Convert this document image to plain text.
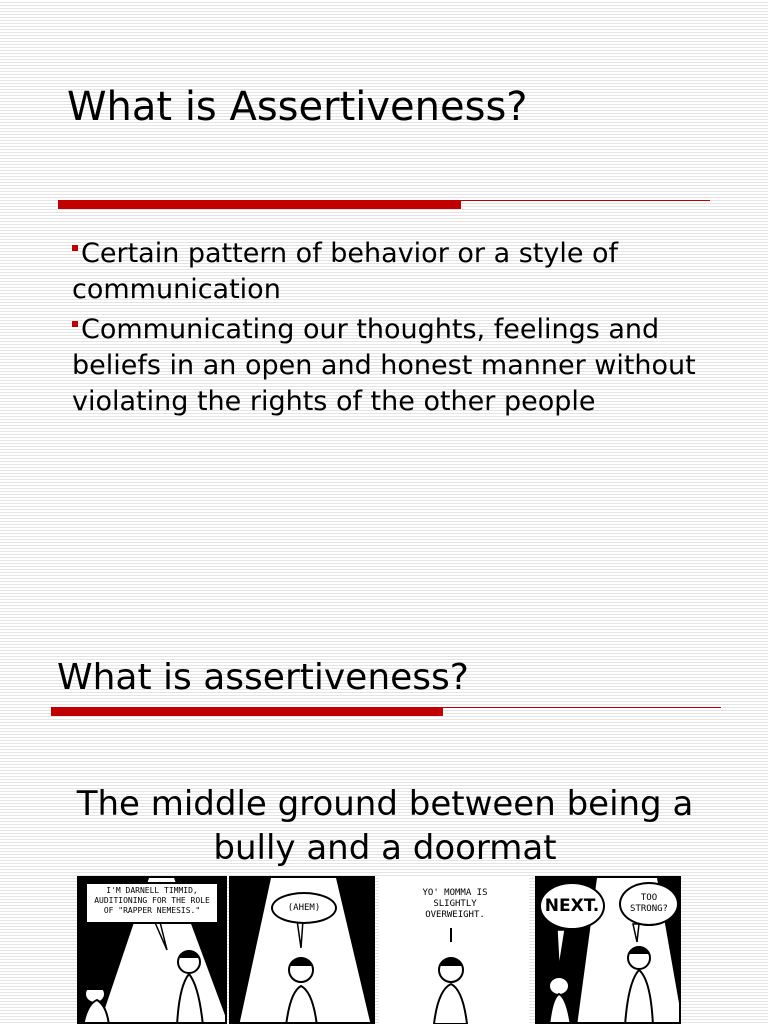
What is Assertiveness?
Certain pattern of behavior or a style of communication
Communicating our thoughts, feelings and beliefs in an open and honest manner without violating the rights of the other people
What is assertiveness?
The middle ground between being a bully and a doormat
I'M DARNELL TIMMID, AUDITIONING FOR THE ROLE OF "RAPPER NEMESIS."
WWW.CANDORVILLE.COM
(AHEM)
YO' MOMMA IS SLIGHTLY OVERWEIGHT.	NEXT.	TOO STRONG?
